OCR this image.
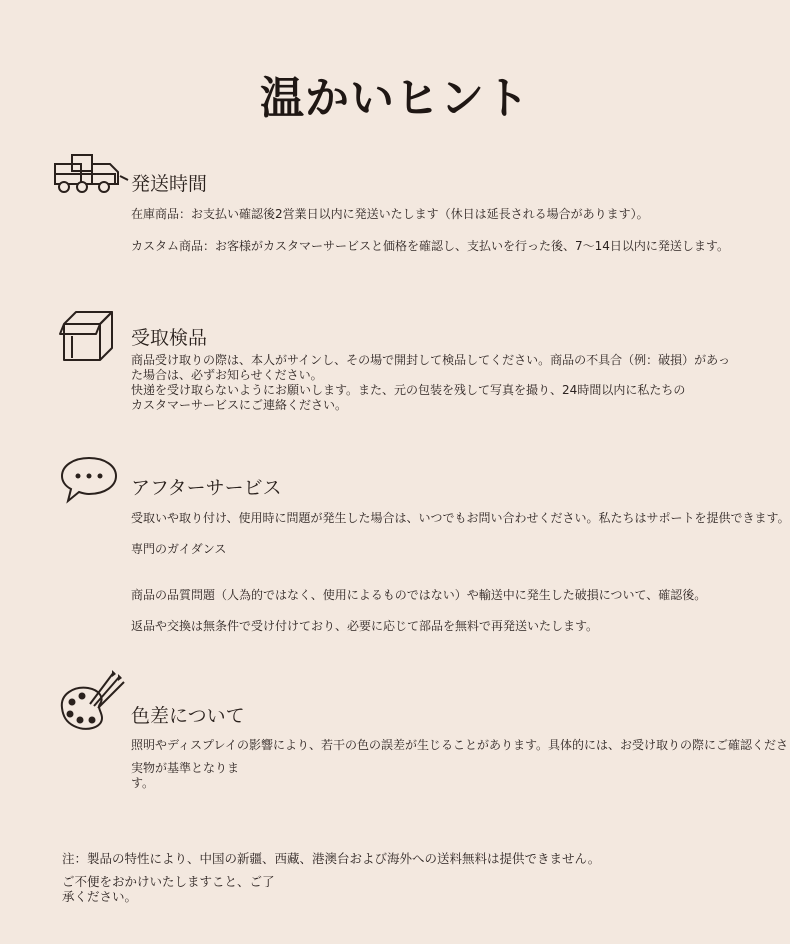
温かいヒント
発送時間
在庫商品：お支払い確認後2営業日以内に発送いたします（休日は延長される場合があります）。
カスタム商品：お客様がカスタマーサービスと価格を確認し、支払いを行った後、7〜14日以内に発送します。
受取検品
商品受け取りの際は、本人がサインし、その場で開封して検品してください。商品の不具合（例：破損）があっ
た場合は、必ずお知らせください。
快递を受け取らないようにお願いします。また、元の包装を残して写真を撮り、24時間以内に私たちの
カスタマーサービスにご連絡ください。
アフターサービス
受取いや取り付け、使用時に問題が発生した場合は、いつでもお問い合わせください。私たちはサポートを提供できます。
専門のガイダンス
商品の品質問題（人為的ではなく、使用によるものではない）や輸送中に発生した破損について、確認後。
返品や交換は無条件で受け付けており、必要に応じて部品を無料で再発送いたします。
色差について
照明やディスプレイの影響により、若干の色の誤差が生じることがあります。具体的には、お受け取りの際にご確認くださ
実物が基準となりま
す。
注：製品の特性により、中国の新疆、西藏、港澳台および海外への送料無料は提供できません。
ご不便をおかけいたしますこと、ご了
承ください。
